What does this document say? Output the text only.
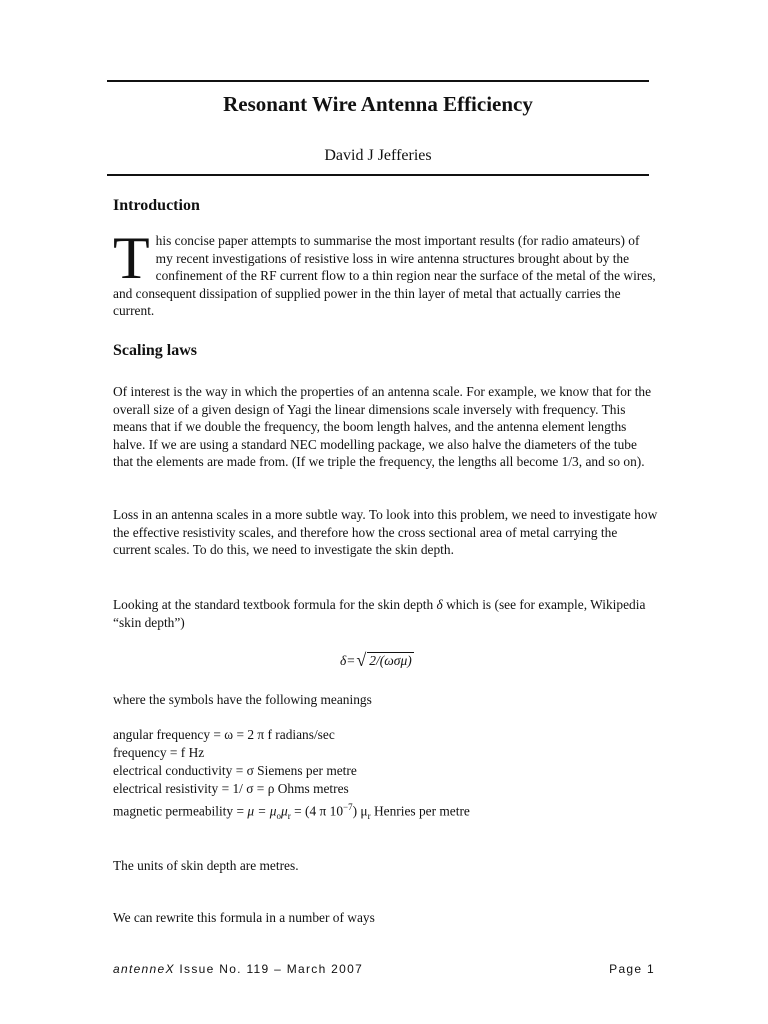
Resonant Wire Antenna Efficiency
David J Jefferies
Introduction

This concise paper attempts to summarise the most important results (for radio amateurs) of my recent investigations of resistive loss in wire antenna structures brought about by the confinement of the RF current flow to a thin region near the surface of the metal of the wires, and consequent dissipation of supplied power in the thin layer of metal that actually carries the current.

Scaling laws

Of interest is the way in which the properties of an antenna scale. For example, we know that for the overall size of a given design of Yagi the linear dimensions scale inversely with frequency. This means that if we double the frequency, the boom length halves, and the antenna element lengths halve. If we are using a standard NEC modelling package, we also halve the diameters of the tube that the elements are made from. (If we triple the frequency, the lengths all become 1/3, and so on).

Loss in an antenna scales in a more subtle way. To look into this problem, we need to investigate how the effective resistivity scales, and therefore how the cross sectional area of metal carrying the current scales. To do this, we need to investigate the skin depth.

Looking at the standard textbook formula for the skin depth δ which is (see for example, Wikipedia “skin depth”)

δ= √ 2/(ωσμ)

where the symbols have the following meanings

angular frequency = ω = 2 π f radians/sec
frequency = f Hz
electrical conductivity = σ Siemens per metre
electrical resistivity = 1/ σ = ρ Ohms metres
magnetic permeability = $\mu = \mu_o\mu_r = (4$ π $10^{-7}$) $\mu_r$ Henries per metre

The units of skin depth are metres.

We can rewrite this formula in a number of ways

antenneX Issue No. 119 – March 2007	Page 1
